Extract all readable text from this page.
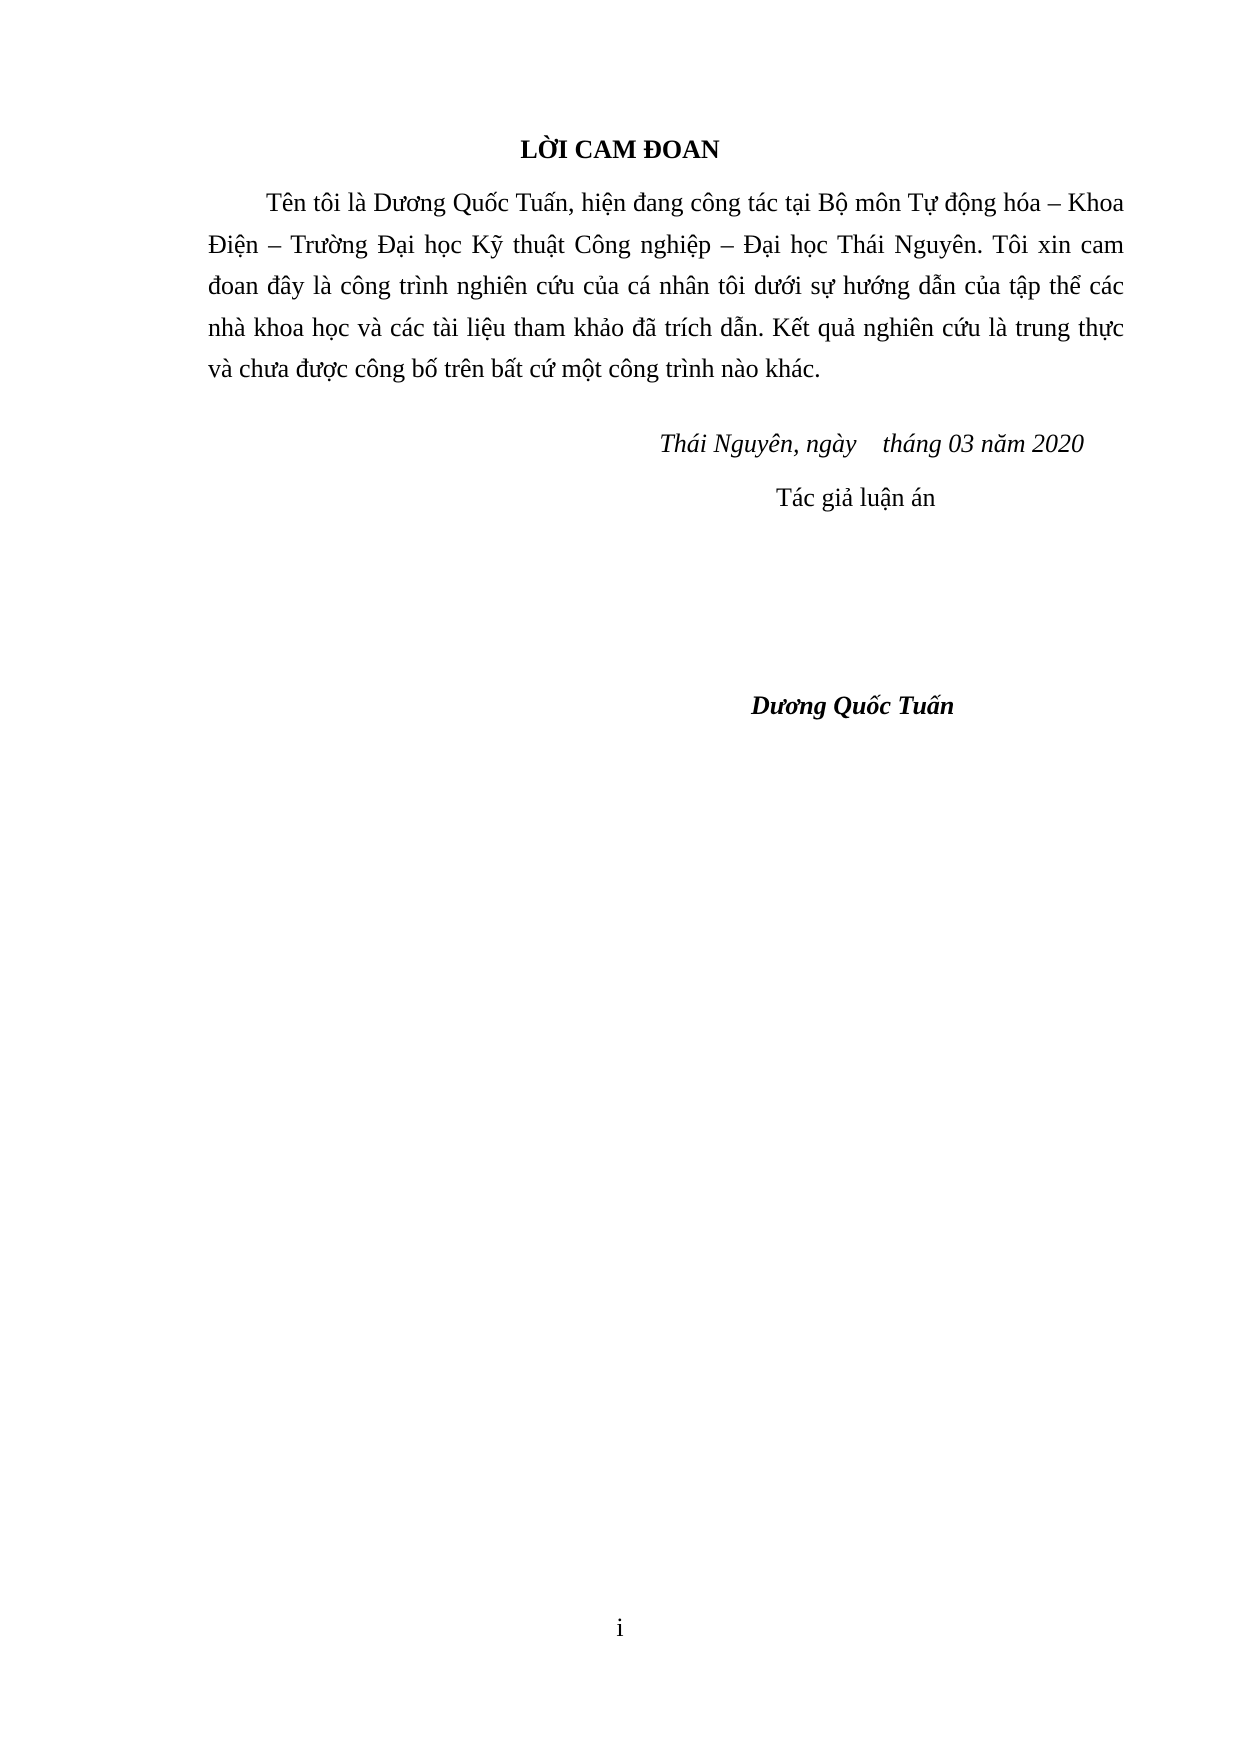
LỜI CAM ĐOAN

Tên tôi là Dương Quốc Tuấn, hiện đang công tác tại Bộ môn Tự động hóa – Khoa Điện – Trường Đại học Kỹ thuật Công nghiệp – Đại học Thái Nguyên. Tôi xin cam đoan đây là công trình nghiên cứu của cá nhân tôi dưới sự hướng dẫn của tập thể các nhà khoa học và các tài liệu tham khảo đã trích dẫn. Kết quả nghiên cứu là trung thực và chưa được công bố trên bất cứ một công trình nào khác.

Thái Nguyên, ngày    tháng 03 năm 2020

Tác giả luận án

Dương Quốc Tuấn

i
